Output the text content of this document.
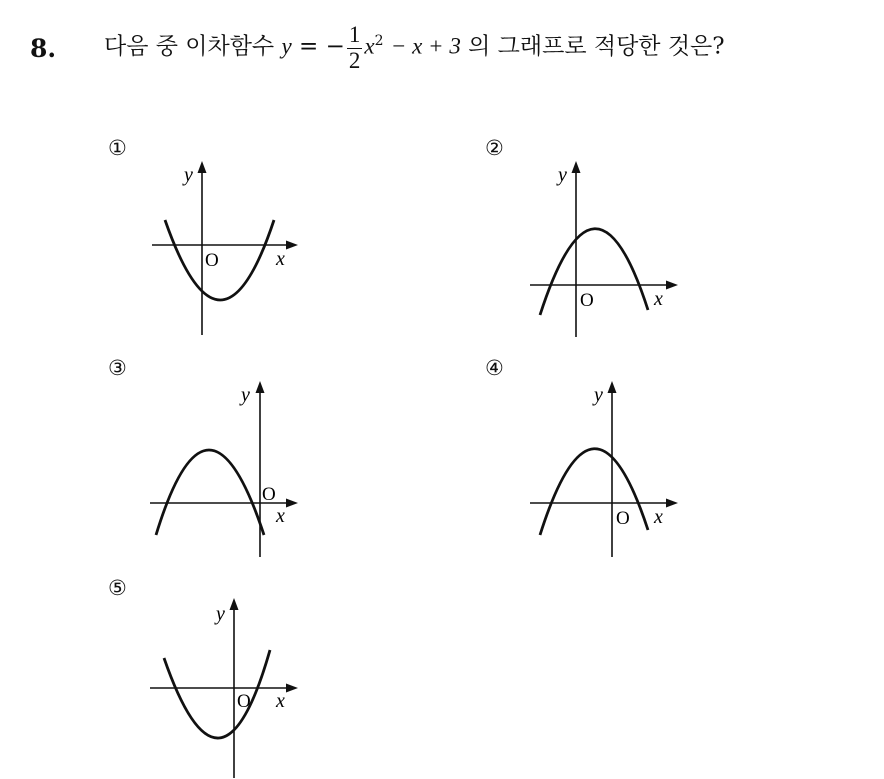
8.	다음 중 이차함수 y = − $\frac{1}{2} x^2 - x + 3$ 의 그래프로 적당한 것은?
①
y
x
O
②
y
x
O
③
y
x
O
④
y
x
O
⑤
y
x
O
